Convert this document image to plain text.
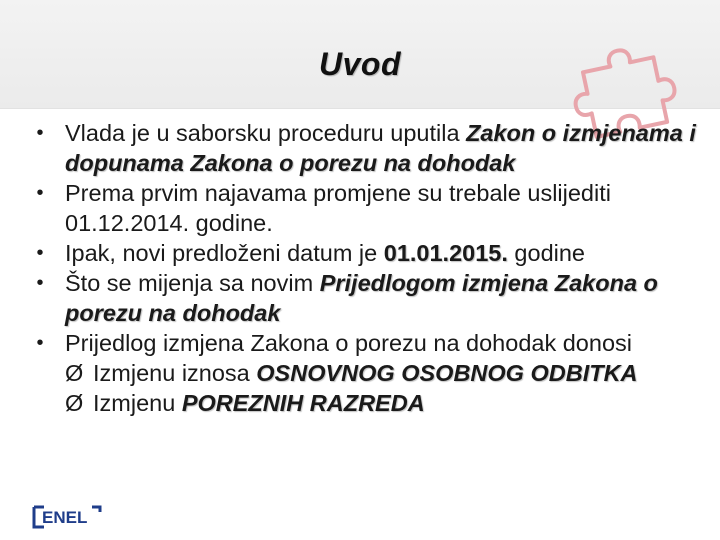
Uvod
• Vlada je u saborsku proceduru uputila Zakon o izmjenama i dopunama Zakona o porezu na dohodak
• Prema prvim najavama promjene su trebale uslijediti 01.12.2014. godine.
• Ipak, novi predloženi datum je 01.01.2015. godine
• Što se mijenja sa novim Prijedlogom izmjena Zakona o porezu na dohodak
• Prijedlog izmjena Zakona o porezu na dohodak donosi
Ø Izmjenu iznosa OSNOVNOG OSOBNOG ODBITKA
Ø Izmjenu POREZNIH RAZREDA
ENEL
